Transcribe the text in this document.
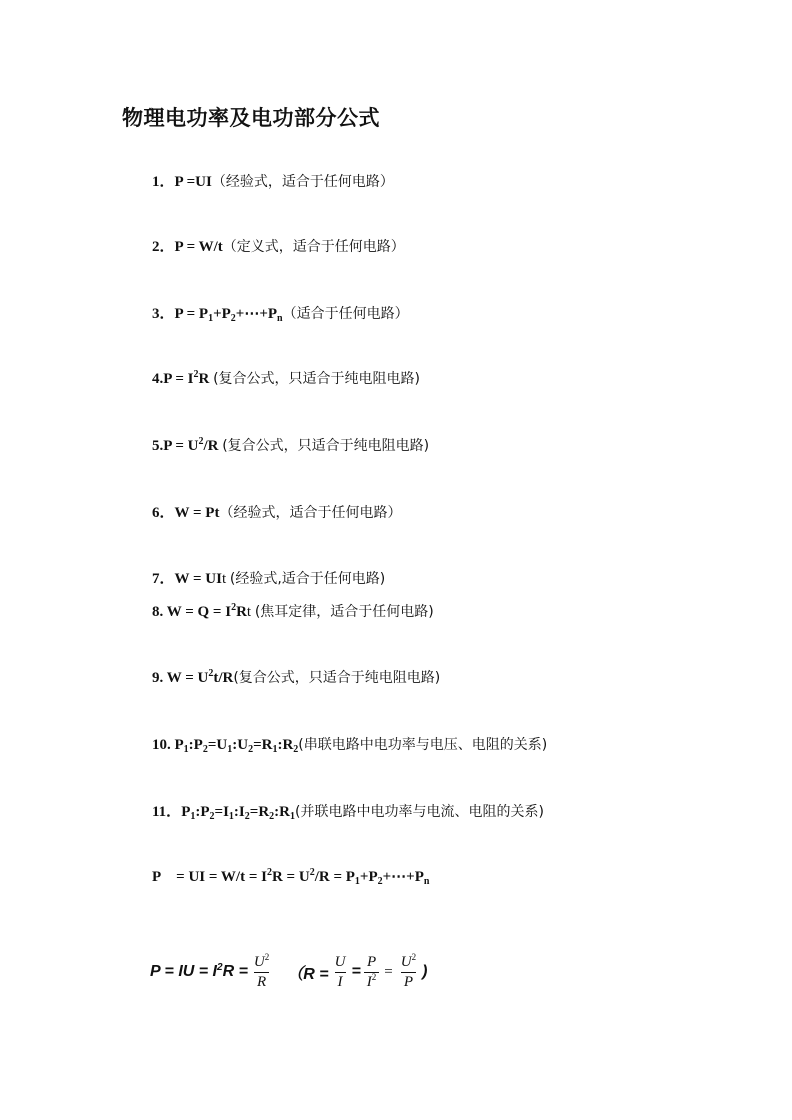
物理电功率及电功部分公式
1．P =UI（经验式，适合于任何电路）
2．P = W/t（定义式，适合于任何电路）
3．$P = P_1+P_2+\cdots+P_n$（适合于任何电路）
$4.P = I^2R$ (复合公式，只适合于纯电阻电路)
$5.P = U^2/R$ (复合公式，只适合于纯电阻电路)
6．W = Pt（经验式，适合于任何电路）
7．W = UIt (经验式,适合于任何电路)
8. $W = Q = I^2Rt$ (焦耳定律，适合于任何电路)
9. $W = U^2t/R$(复合公式，只适合于纯电阻电路)
10. $P_1:P_2=U_1:U_2=R_1:R_2$(串联电路中电功率与电压、电阻的关系)
11．$P_1:P_2=I_1:I_2=R_2:R_1$(并联电路中电功率与电流、电阻的关系)
P    = UI = $W/t = I^2R = U^2/R$ = $P_1+P_2+\cdots+P_n$
P = IU = $I^2R = \frac{U^2}{R} (R = \frac{U}{I} = \frac{P}{I^2} = \frac{U^2}{P}$ )
